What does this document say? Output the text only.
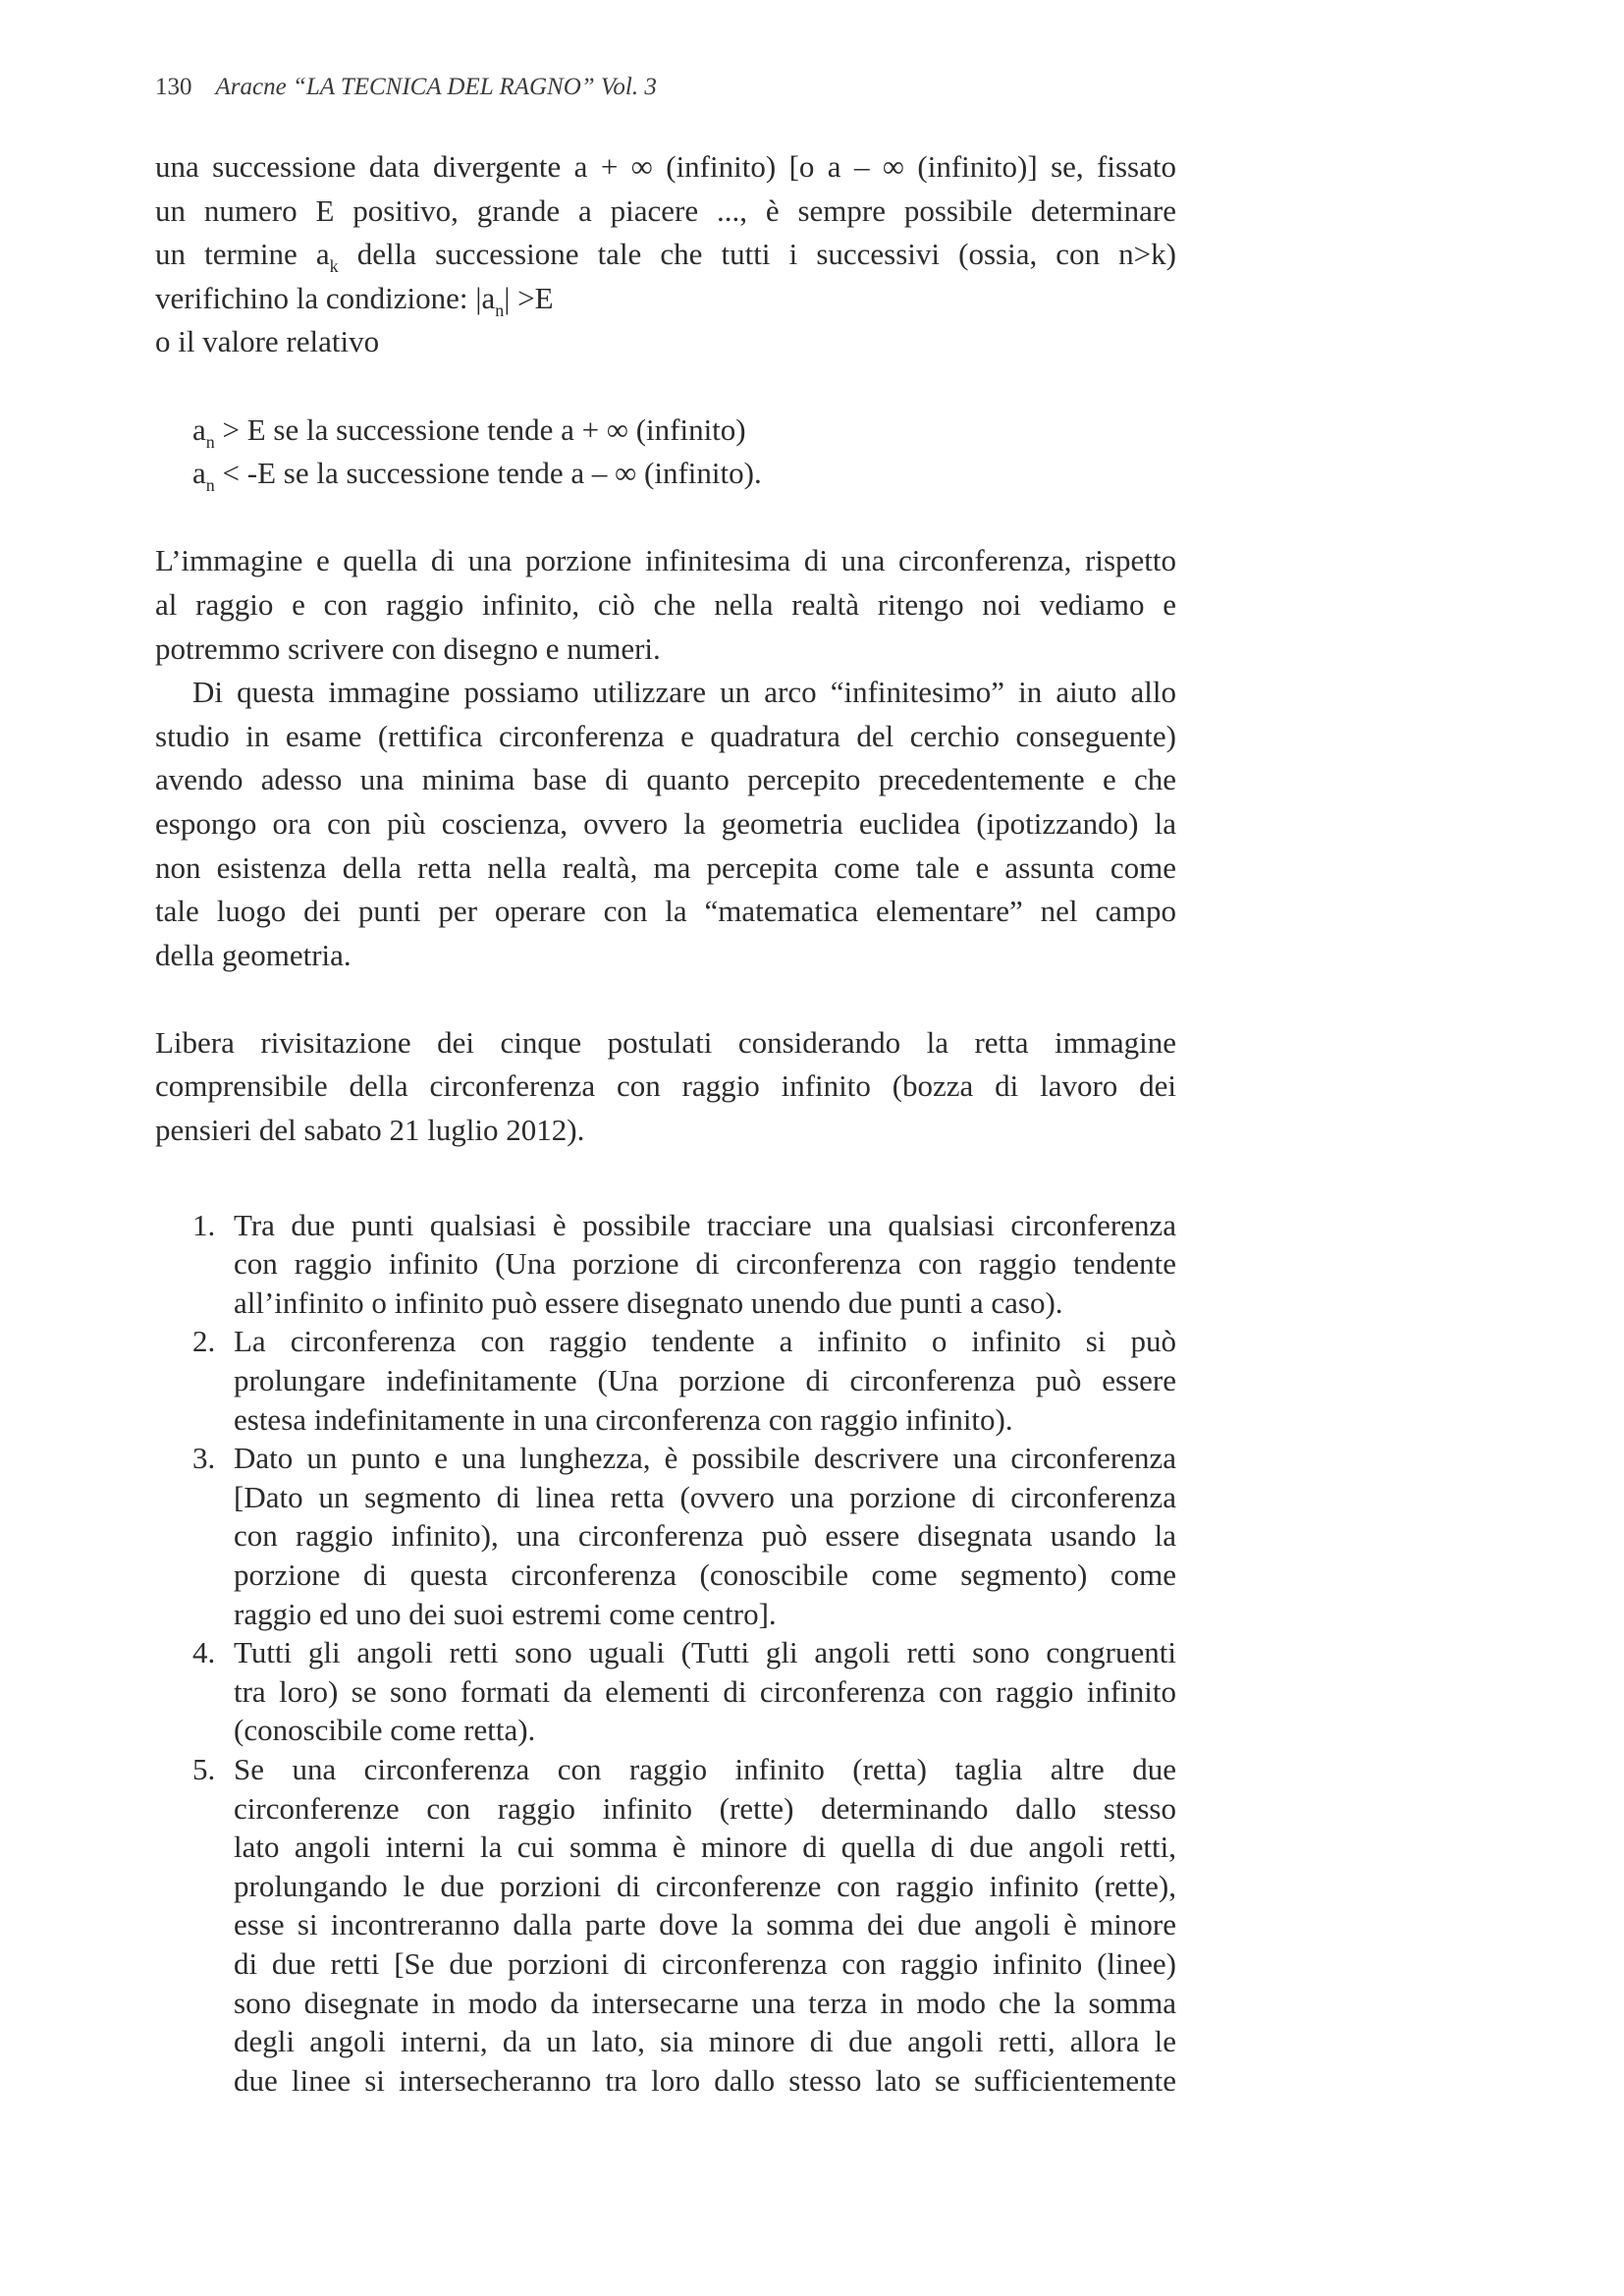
130 Aracne “LA TECNICA DEL RAGNO” Vol. 3
una successione data divergente a + ∞ (infinito) [o a – ∞ (infinito)] se, fissato
un numero E positivo, grande a piacere ..., è sempre possibile determinare
un termine $a_k$ della successione tale che tutti i successivi (ossia, con n>k)
verifichino la condizione: $|a_n| >E$
o il valore relativo
$a_n > E$ se la successione tende a + ∞ (infinito)
$a_n < -E$ se la successione tende a – ∞ (infinito).
L’immagine e quella di una porzione infinitesima di una circonferenza, rispetto
al raggio e con raggio infinito, ciò che nella realtà ritengo noi vediamo e
potremmo scrivere con disegno e numeri.
Di questa immagine possiamo utilizzare un arco “infinitesimo” in aiuto allo
studio in esame (rettifica circonferenza e quadratura del cerchio conseguente)
avendo adesso una minima base di quanto percepito precedentemente e che
espongo ora con più coscienza, ovvero la geometria euclidea (ipotizzando) la
non esistenza della retta nella realtà, ma percepita come tale e assunta come
tale luogo dei punti per operare con la “matematica elementare” nel campo
della geometria.
Libera rivisitazione dei cinque postulati considerando la retta immagine
comprensibile della circonferenza con raggio infinito (bozza di lavoro dei
pensieri del sabato 21 luglio 2012).
1. Tra due punti qualsiasi è possibile tracciare una qualsiasi circonferenza
con raggio infinito (Una porzione di circonferenza con raggio tendente
all’infinito o infinito può essere disegnato unendo due punti a caso).
2. La circonferenza con raggio tendente a infinito o infinito si può
prolungare indefinitamente (Una porzione di circonferenza può essere
estesa indefinitamente in una circonferenza con raggio infinito).
3. Dato un punto e una lunghezza, è possibile descrivere una circonferenza
[Dato un segmento di linea retta (ovvero una porzione di circonferenza
con raggio infinito), una circonferenza può essere disegnata usando la
porzione di questa circonferenza (conoscibile come segmento) come
raggio ed uno dei suoi estremi come centro].
4. Tutti gli angoli retti sono uguali (Tutti gli angoli retti sono congruenti
tra loro) se sono formati da elementi di circonferenza con raggio infinito
(conoscibile come retta).
5. Se una circonferenza con raggio infinito (retta) taglia altre due
circonferenze con raggio infinito (rette) determinando dallo stesso
lato angoli interni la cui somma è minore di quella di due angoli retti,
prolungando le due porzioni di circonferenze con raggio infinito (rette),
esse si incontreranno dalla parte dove la somma dei due angoli è minore
di due retti [Se due porzioni di circonferenza con raggio infinito (linee)
sono disegnate in modo da intersecarne una terza in modo che la somma
degli angoli interni, da un lato, sia minore di due angoli retti, allora le
due linee si intersecheranno tra loro dallo stesso lato se sufficientemente
